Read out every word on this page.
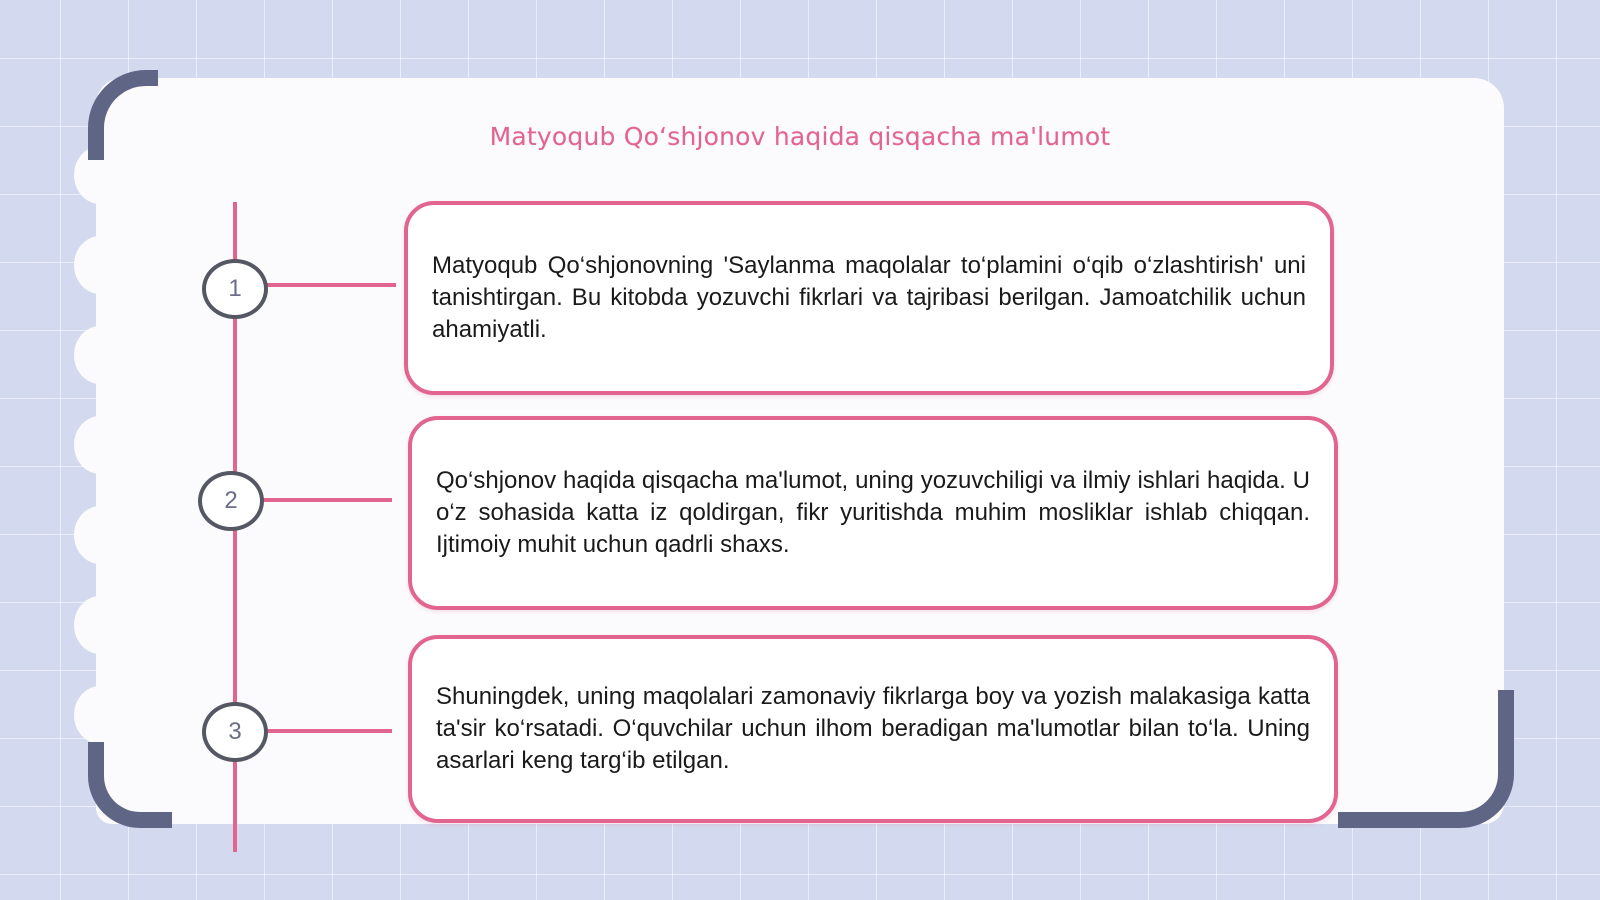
Matyoqub Qo‘shjonov haqida qisqacha ma'lumot
1
Matyoqub Qo‘shjonovning 'Saylanma maqolalar to‘plamini o‘qib o‘zlashtirish' uni tanishtirgan. Bu kitobda yozuvchi fikrlari va tajribasi berilgan. Jamoatchilik uchun ahamiyatli.
2
Qo‘shjonov haqida qisqacha ma'lumot, uning yozuvchiligi va ilmiy ishlari haqida. U o‘z sohasida katta iz qoldirgan, fikr yuritishda muhim mosliklar ishlab chiqqan. Ijtimoiy muhit uchun qadrli shaxs.
3
Shuningdek, uning maqolalari zamonaviy fikrlarga boy va yozish malakasiga katta ta'sir ko‘rsatadi. O‘quvchilar uchun ilhom beradigan ma'lumotlar bilan to‘la. Uning asarlari keng targ‘ib etilgan.
